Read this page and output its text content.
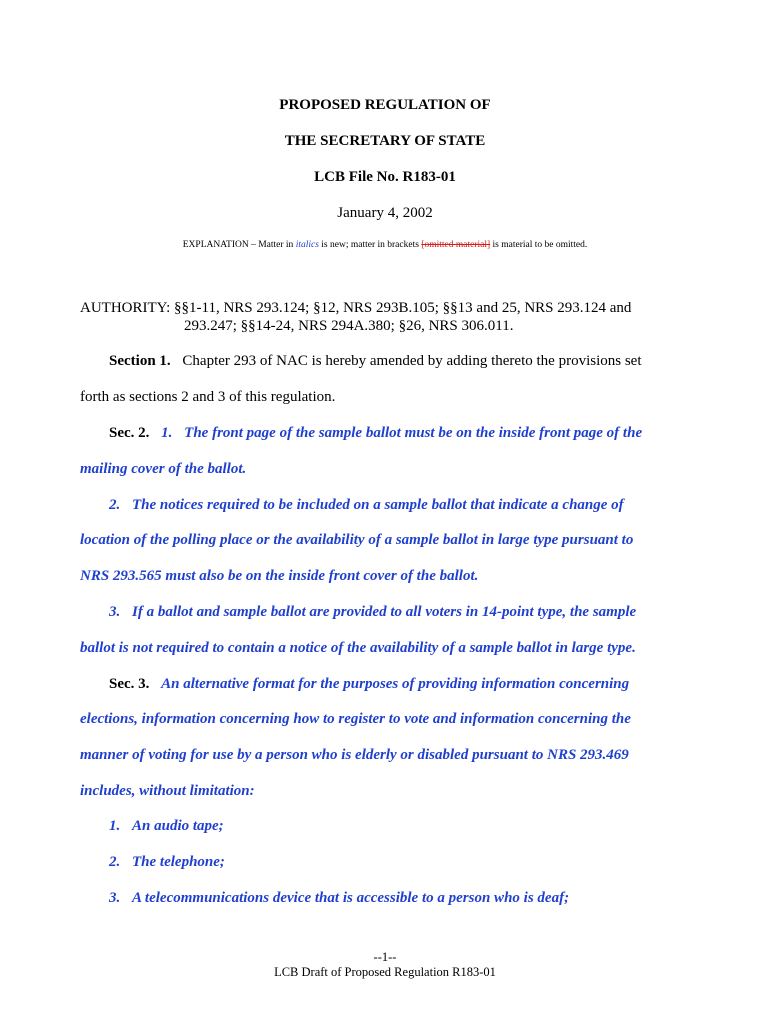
PROPOSED REGULATION OF
THE SECRETARY OF STATE
LCB File No. R183-01
January 4, 2002
EXPLANATION – Matter in italics is new; matter in brackets [omitted material] is material to be omitted.
AUTHORITY: §§1-11, NRS 293.124; §12, NRS 293B.105; §§13 and 25, NRS 293.124 and
293.247; §§14-24, NRS 294A.380; §26, NRS 306.011.
Section 1. Chapter 293 of NAC is hereby amended by adding thereto the provisions set
forth as sections 2 and 3 of this regulation.
Sec. 2. 1. The front page of the sample ballot must be on the inside front page of the
mailing cover of the ballot.
2. The notices required to be included on a sample ballot that indicate a change of
location of the polling place or the availability of a sample ballot in large type pursuant to
NRS 293.565 must also be on the inside front cover of the ballot.
3. If a ballot and sample ballot are provided to all voters in 14-point type, the sample
ballot is not required to contain a notice of the availability of a sample ballot in large type.
Sec. 3. An alternative format for the purposes of providing information concerning
elections, information concerning how to register to vote and information concerning the
manner of voting for use by a person who is elderly or disabled pursuant to NRS 293.469
includes, without limitation:
1. An audio tape;
2. The telephone;
3. A telecommunications device that is accessible to a person who is deaf;
--1--
LCB Draft of Proposed Regulation R183-01
